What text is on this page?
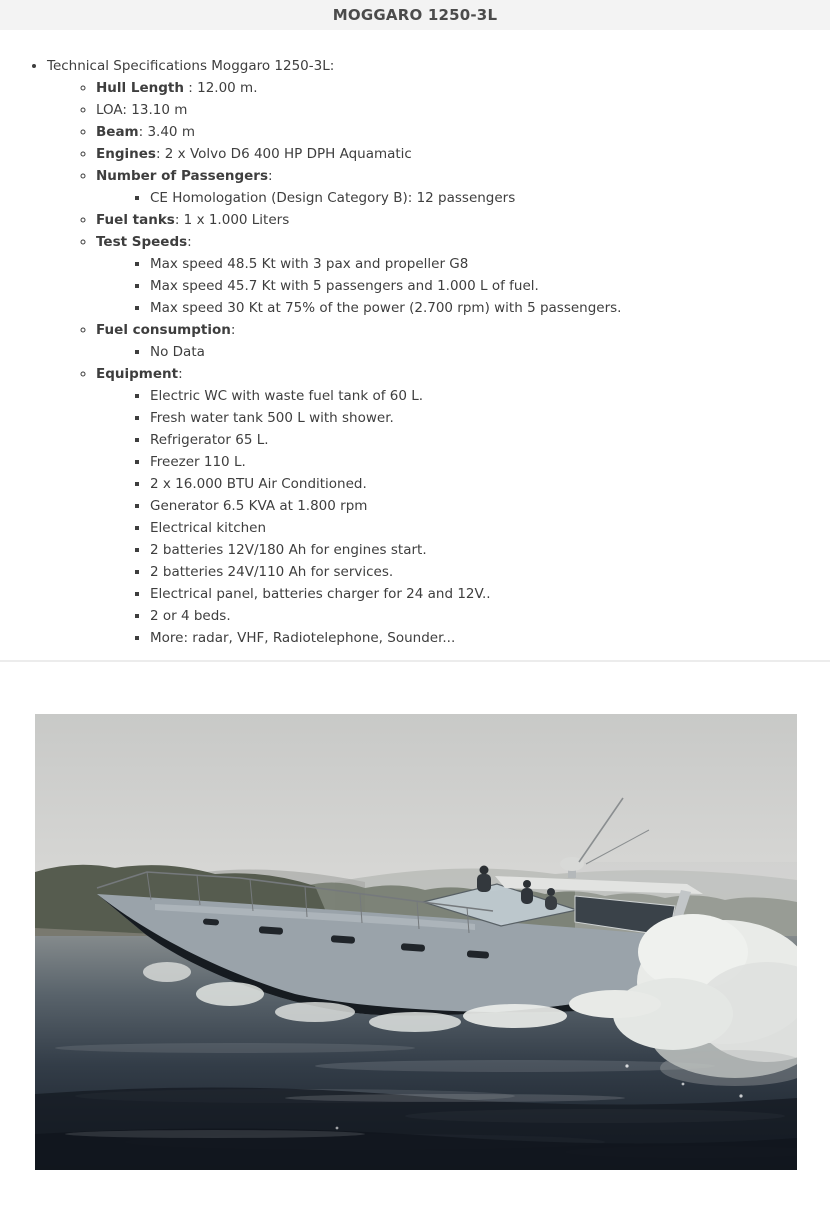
MOGGARO 1250-3L
• Technical Specifications Moggaro 1250-3L:
◦ Hull Length : 12.00 m.
◦ LOA: 13.10 m
◦ Beam: 3.40 m
◦ Engines: 2 x Volvo D6 400 HP DPH Aquamatic
◦ Number of Passengers:
▪ CE Homologation (Design Category B): 12 passengers
◦ Fuel tanks: 1 x 1.000 Liters
◦ Test Speeds:
▪ Max speed 48.5 Kt with 3 pax and propeller G8
▪ Max speed 45.7 Kt with 5 passengers and 1.000 L of fuel.
▪ Max speed 30 Kt at 75% of the power (2.700 rpm) with 5 passengers.
◦ Fuel consumption:
▪ No Data
◦ Equipment:
▪ Electric WC with waste fuel tank of 60 L.
▪ Fresh water tank 500 L with shower.
▪ Refrigerator 65 L.
▪ Freezer 110 L.
▪ 2 x 16.000 BTU Air Conditioned.
▪ Generator 6.5 KVA at 1.800 rpm
▪ Electrical kitchen
▪ 2 batteries 12V/180 Ah for engines start.
▪ 2 batteries 24V/110 Ah for services.
▪ Electrical panel, batteries charger for 24 and 12V..
▪ 2 or 4 beds.
▪ More: radar, VHF, Radiotelephone, Sounder...
